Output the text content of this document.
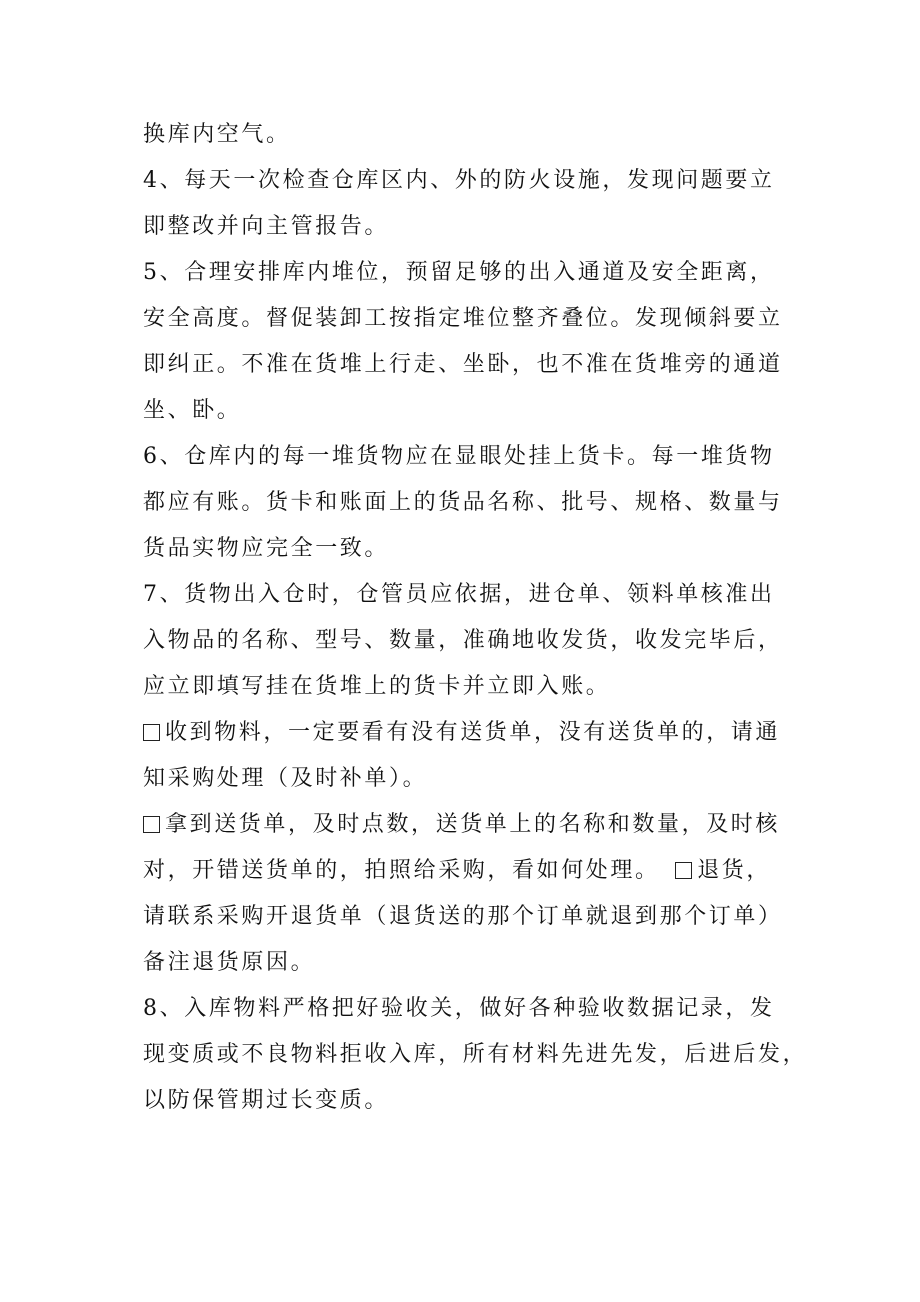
换库内空气。
4、每天一次检查仓库区内、外的防火设施，发现问题要立
即整改并向主管报告。
5、合理安排库内堆位，预留足够的出入通道及安全距离，
安全高度。督促装卸工按指定堆位整齐叠位。发现倾斜要立
即纠正。不准在货堆上行走、坐卧，也不准在货堆旁的通道
坐、卧。
6、仓库内的每一堆货物应在显眼处挂上货卡。每一堆货物
都应有账。货卡和账面上的货品名称、批号、规格、数量与
货品实物应完全一致。
7、货物出入仓时，仓管员应依据，进仓单、领料单核准出
入物品的名称、型号、数量，准确地收发货，收发完毕后，
应立即填写挂在货堆上的货卡并立即入账。
收到物料，一定要看有没有送货单，没有送货单的，请通
知采购处理（及时补单）。
拿到送货单，及时点数，送货单上的名称和数量，及时核
对，开错送货单的，拍照给采购，看如何处理。 退货，
请联系采购开退货单（退货送的那个订单就退到那个订单）
备注退货原因。
8、入库物料严格把好验收关，做好各种验收数据记录，发
现变质或不良物料拒收入库，所有材料先进先发，后进后发，
以防保管期过长变质。
